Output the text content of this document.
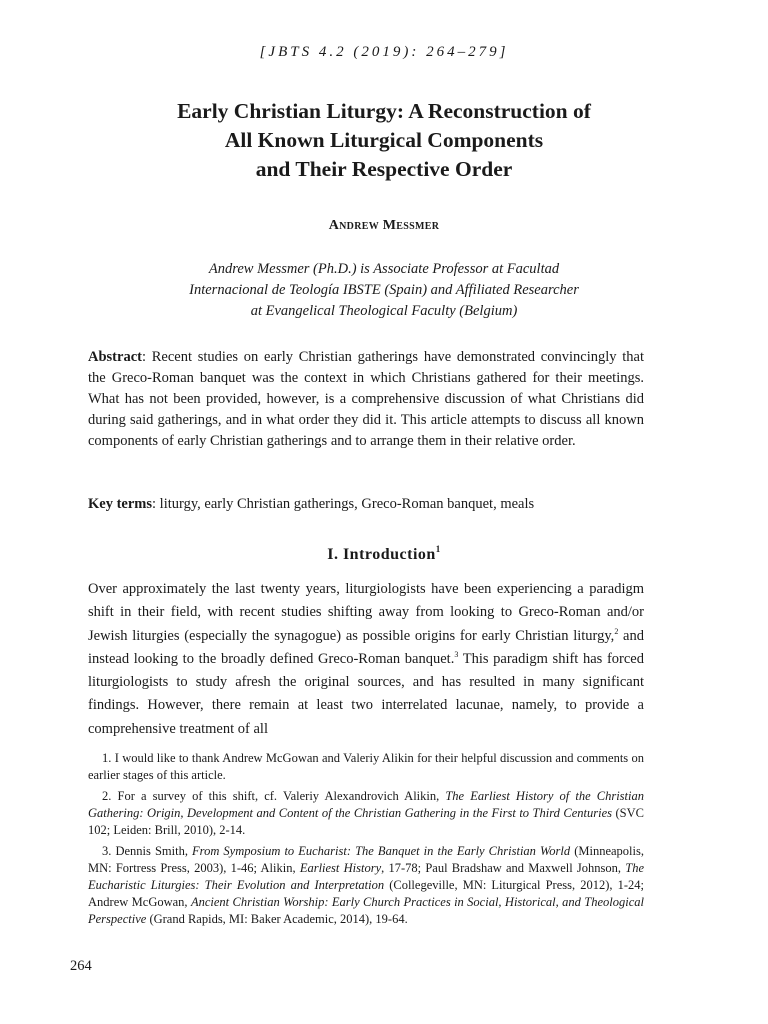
[JBTS 4.2 (2019): 264–279]
Early Christian Liturgy: A Reconstruction of
All Known Liturgical Components
and Their Respective Order
Andrew Messmer
Andrew Messmer (Ph.D.) is Associate Professor at Facultad
Internacional de Teología IBSTE (Spain) and Affiliated Researcher
at Evangelical Theological Faculty (Belgium)
Abstract: Recent studies on early Christian gatherings have demonstrated convincingly that the Greco-Roman banquet was the context in which Christians gathered for their meetings. What has not been provided, however, is a comprehensive discussion of what Christians did during said gatherings, and in what order they did it. This article attempts to discuss all known components of early Christian gatherings and to arrange them in their relative order.
Key terms: liturgy, early Christian gatherings, Greco-Roman banquet, meals
I. Introduction$^1$
Over approximately the last twenty years, liturgiologists have been experiencing a paradigm shift in their field, with recent studies shifting away from looking to Greco-Roman and/or Jewish liturgies (especially the synagogue) as possible origins for early Christian liturgy,$^2$ and instead looking to the broadly defined Greco-Roman banquet.$^3$ This paradigm shift has forced liturgiologists to study afresh the original sources, and has resulted in many significant findings. However, there remain at least two interrelated lacunae, namely, to provide a comprehensive treatment of all

1. I would like to thank Andrew McGowan and Valeriy Alikin for their helpful discussion and comments on earlier stages of this article.

2. For a survey of this shift, cf. Valeriy Alexandrovich Alikin, The Earliest History of the Christian Gathering: Origin, Development and Content of the Christian Gathering in the First to Third Centuries (SVC 102; Leiden: Brill, 2010), 2-14.

3. Dennis Smith, From Symposium to Eucharist: The Banquet in the Early Christian World (Minneapolis, MN: Fortress Press, 2003), 1-46; Alikin, Earliest History, 17-78; Paul Bradshaw and Maxwell Johnson, The Eucharistic Liturgies: Their Evolution and Interpretation (Collegeville, MN: Liturgical Press, 2012), 1-24; Andrew McGowan, Ancient Christian Worship: Early Church Practices in Social, Historical, and Theological Perspective (Grand Rapids, MI: Baker Academic, 2014), 19-64.

264
